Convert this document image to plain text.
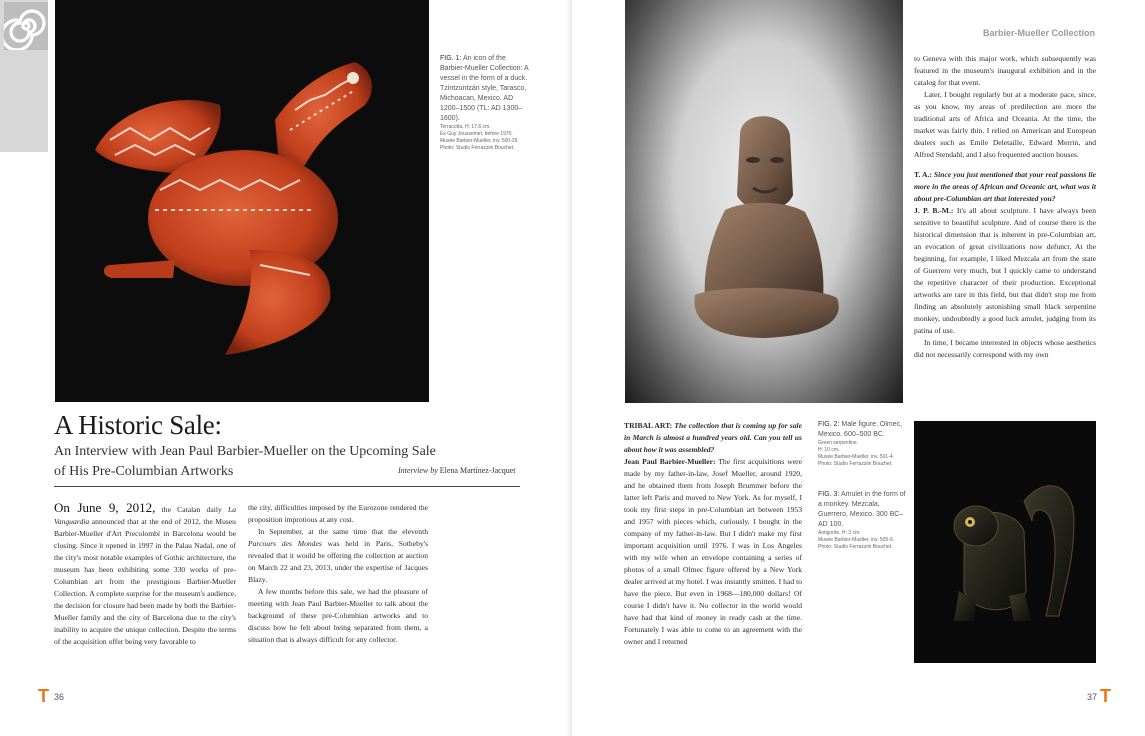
FIG. 1: An icon of the Barbier-Mueller Collection: A vessel in the form of a duck. Tzintzuntzán style, Tarasco, Michoacan, Mexico. AD 1200–1500 (TL: AD 1300–1600).
Terracotta. H: 17.6 cm.
Ex Guy Joussemet, before 1970.
Musée Barbier-Mueller, inv. 500-29.
Photo: Studio Ferrazzini Bouchet.
A Historic Sale:
An Interview with Jean Paul Barbier-Mueller on the Upcoming Sale of His Pre-Columbian Artworks	Interview by Elena Martínez-Jacquet

On June 9, 2012, the Catalan daily La Vanguardia announced that at the end of 2012, the Museu Barbier-Mueller d'Art Precolombí in Barcelona would be closing. Since it opened in 1997 in the Palau Nadal, one of the city's most notable examples of Gothic architecture, the museum has been exhibiting some 330 works of pre-Columbian art from the prestigious Barbier-Mueller Collection. A complete surprise for the museum's audience, the decision for closure had been made by both the Barbier-Mueller family and the city of Barcelona due to the city's inability to acquire the unique collection. Despite the terms of the acquisition offer being very favorable to

the city, difficulties imposed by the Eurozone rendered the proposition improtious at any cost.

In September, at the same time that the eleventh Parcours des Mondes was held in Paris, Sotheby's revealed that it would be offering the collection at auction on March 22 and 23, 2013, under the expertise of Jacques Blazy.

A few months before this sale, we had the pleasure of meeting with Jean Paul Barbier-Mueller to talk about the background of these pre-Columbian artworks and to discuss how he felt about being separated from them, a situation that is always difficult for any collector.

T 36
Barbier-Mueller Collection

to Geneva with this major work, which subsequently was featured in the museum's inaugural exhibition and in the catalog for that event.

Later, I bought regularly but at a moderate pace, since, as you know, my areas of predilection are more the traditional arts of Africa and Oceania. At the time, the market was fairly thin. I relied on American and European dealers such as Emile Deletaille, Edward Merrin, and Alfred Stendahl, and I also frequented auction houses.

T. A.: Since you just mentioned that your real passions lie more in the areas of African and Oceanic art, what was it about pre-Columbian art that interested you?

J. P. B.-M.: It's all about sculpture. I have always been sensitive to beautiful sculpture. And of course there is the historical dimension that is inherent in pre-Columbian art, an evocation of great civilizations now defunct. At the beginning, for example, I liked Mezcala art from the state of Guerrero very much, but I quickly came to understand the repetitive character of their production. Exceptional artworks are rare in this field, but that didn't stop me from finding an absolutely astonishing small black serpentine monkey, undoubtedly a good luck amulet, judging from its patina of use.

In time, I became interested in objects whose aesthetics did not necessarily correspond with my own

TRIBAL ART: The collection that is coming up for sale in March is almost a hundred years old. Can you tell us about how it was assembled?

Jean Paul Barbier-Mueller: The first acquisitions were made by my father-in-law, Josef Mueller, around 1920, and he obtained them from Joseph Brummer before the latter left Paris and moved to New York. As for myself, I took my first steps in pre-Columbian art between 1953 and 1957 with pieces which, curiously, I bought in the company of my father-in-law. But I didn't make my first important acquisition until 1976. I was in Los Angeles with my wife when an envelope containing a series of photos of a small Olmec figure offered by a New York dealer arrived at my hotel. I was instantly smitten. I had to have the piece. But even in 1968—180,000 dollars! Of course I didn't have it. No collector in the world would have had that kind of money in ready cash at the time. Fortunately I was able to come to an agreement with the owner and I returned

FIG. 2: Male figure. Olmec, Mexico. 600–500 BC.
Green serpentine.
H: 10 cm.
Musée Barbier-Mueller, inv. 501-4.
Photo: Studio Ferrazzini Bouchet.
FIG. 3: Amulet in the form of a monkey. Mezcala, Guerrero, Mexico. 300 BC–AD 100.
Antigorite. H: 3 cm.
Musée Barbier-Mueller, inv. 505-9.
Photo: Studio Ferrazzini Bouchet.
37 T
